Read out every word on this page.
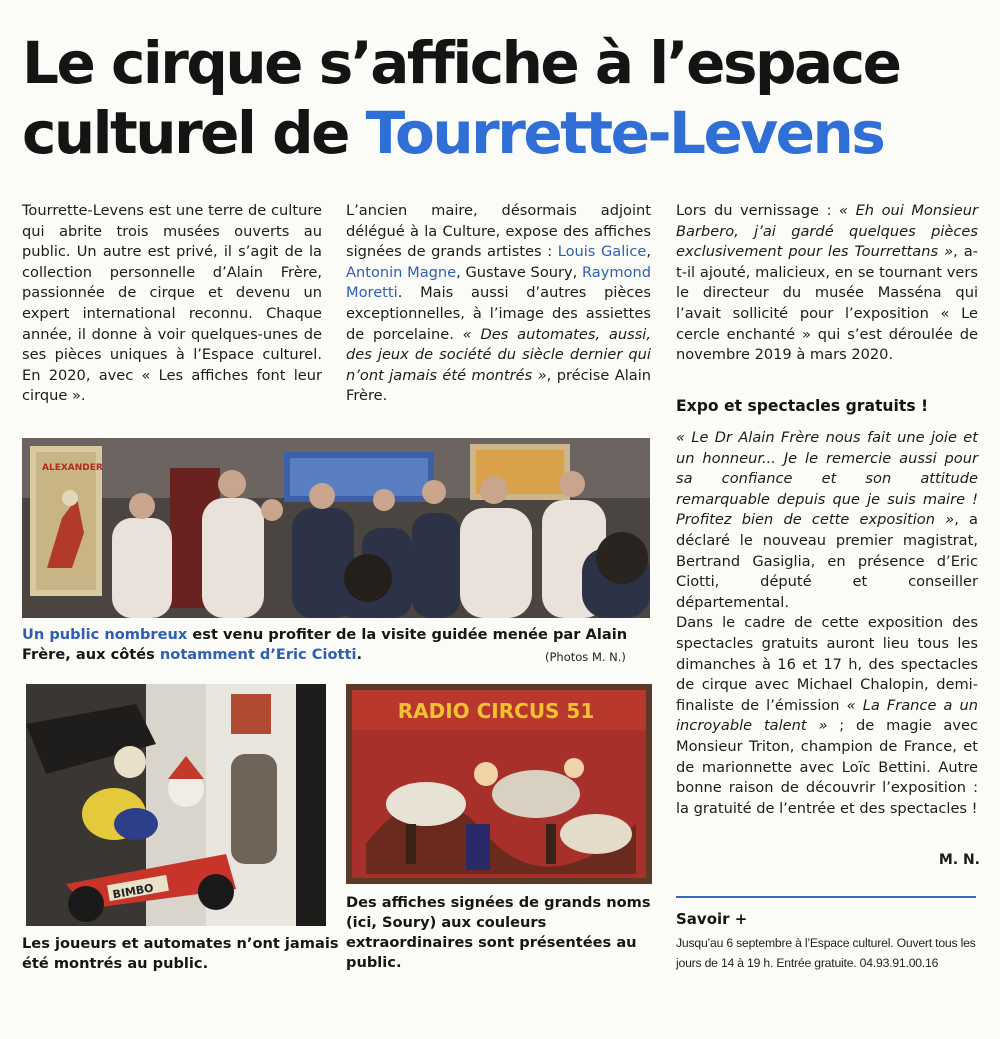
Le cirque s’affiche à l’espace culturel de Tourrette-Levens

Tourrette-Levens est une terre de culture qui abrite trois musées ouverts au public. Un autre est privé, il s’agit de la collection personnelle d’Alain Frère, passionnée de cirque et devenu un expert international reconnu. Chaque année, il donne à voir quelques-unes de ses pièces uniques à l’Espace culturel. En 2020, avec « Les affiches font leur cirque ».

L’ancien maire, désormais adjoint délégué à la Culture, expose des affiches signées de grands artistes : Louis Galice, Antonin Magne, Gustave Soury, Raymond Moretti. Mais aussi d’autres pièces exceptionnelles, à l’image des assiettes de porcelaine. « Des automates, aussi, des jeux de société du siècle dernier qui n’ont jamais été montrés », précise Alain Frère.

Lors du vernissage : « Eh oui Monsieur Barbero, j’ai gardé quelques pièces exclusivement pour les Tourrettans », a-t-il ajouté, malicieux, en se tournant vers le directeur du musée Masséna qui l’avait sollicité pour l’exposition « Le cercle enchanté » qui s’est déroulée de novembre 2019 à mars 2020.

Expo et spectacles gratuits !

« Le Dr Alain Frère nous fait une joie et un honneur... Je le remercie aussi pour sa confiance et son attitude remarquable depuis que je suis maire ! Profitez bien de cette exposition », a déclaré le nouveau premier magistrat, Bertrand Gasiglia, en présence d’Eric Ciotti, député et conseiller départemental.

Dans le cadre de cette exposition des spectacles gratuits auront lieu tous les dimanches à 16 et 17 h, des spectacles de cirque avec Michael Chalopin, demi-finaliste de l’émission « La France a un incroyable talent » ; de magie avec Monsieur Triton, champion de France, et de marionnette avec Loïc Bettini. Autre bonne raison de découvrir l’exposition : la gratuité de l’entrée et des spectacles !

M. N.
ALEXANDER
Un public nombreux est venu profiter de la visite guidée menée par Alain Frère, aux côtés notamment d’Eric Ciotti.	(Photos M. N.)
BIMBO
Les joueurs et automates n’ont jamais été montrés au public.
RADIO CIRCUS 51
Des affiches signées de grands noms (ici, Soury) aux couleurs extraordinaires sont présentées au public.
Savoir +
Jusqu’au 6 septembre à l’Espace culturel. Ouvert tous les jours de 14 à 19 h. Entrée gratuite. 04.93.91.00.16
